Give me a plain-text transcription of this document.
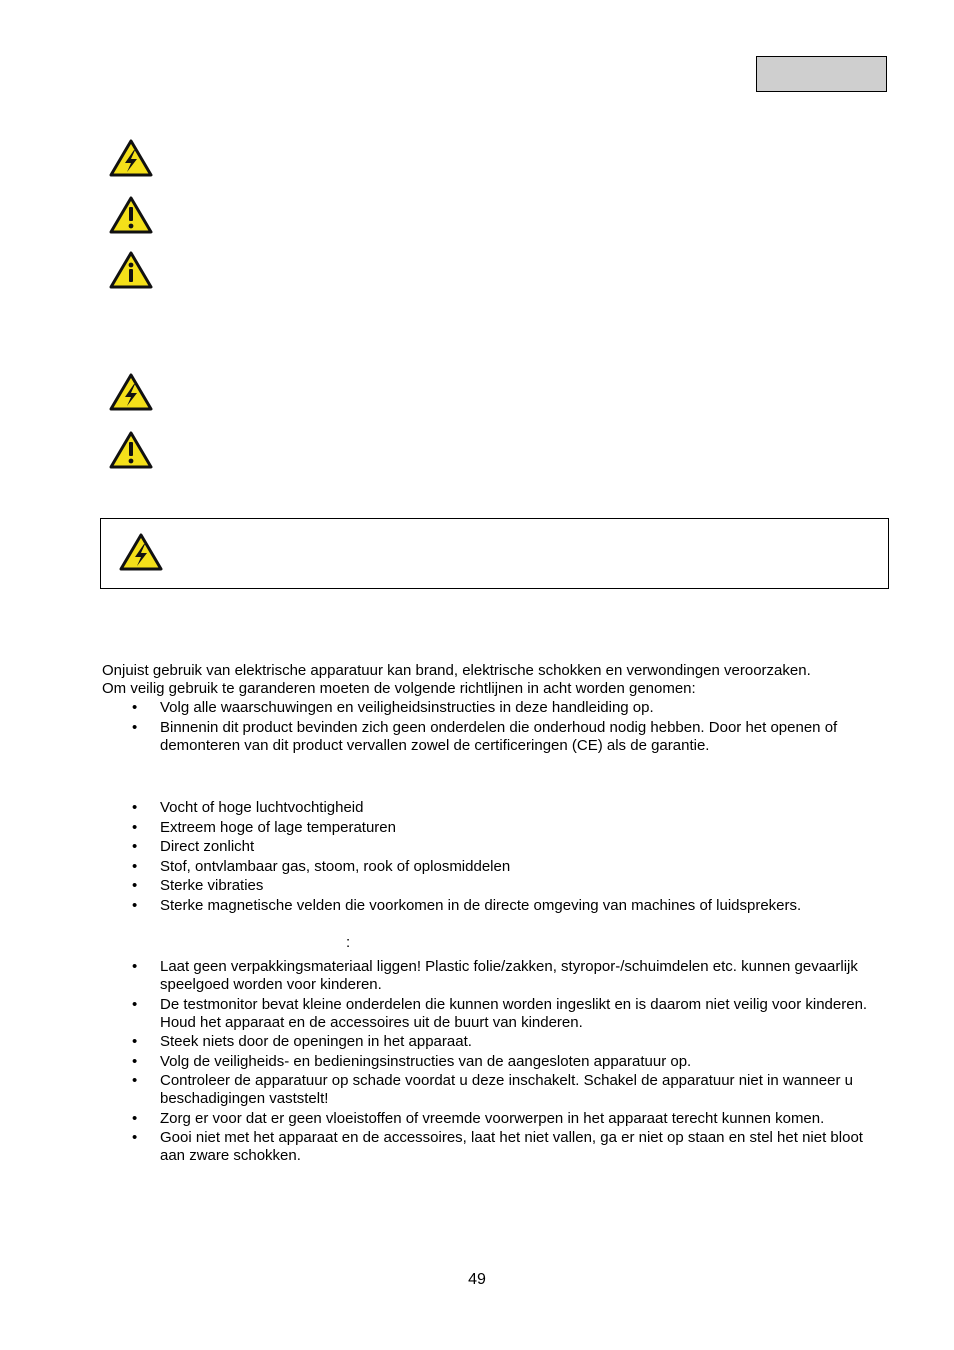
Onjuist gebruik van elektrische apparatuur kan brand, elektrische schokken en verwondingen veroorzaken.

Om veilig gebruik te garanderen moeten de volgende richtlijnen in acht worden genomen:

• Volg alle waarschuwingen en veiligheidsinstructies in deze handleiding op.
• Binnenin dit product bevinden zich geen onderdelen die onderhoud nodig hebben. Door het openen of demonteren van dit product vervallen zowel de certificeringen (CE) als de garantie.
• Vocht of hoge luchtvochtigheid
• Extreem hoge of lage temperaturen
• Direct zonlicht
• Stof, ontvlambaar gas, stoom, rook of oplosmiddelen
• Sterke vibraties
• Sterke magnetische velden die voorkomen in de directe omgeving van machines of luidsprekers.
:
• Laat geen verpakkingsmateriaal liggen! Plastic folie/zakken, styropor-/schuimdelen etc. kunnen gevaarlijk speelgoed worden voor kinderen.
• De testmonitor bevat kleine onderdelen die kunnen worden ingeslikt en is daarom niet veilig voor kinderen. Houd het apparaat en de accessoires uit de buurt van kinderen.
• Steek niets door de openingen in het apparaat.
• Volg de veiligheids- en bedieningsinstructies van de aangesloten apparatuur op.
• Controleer de apparatuur op schade voordat u deze inschakelt. Schakel de apparatuur niet in wanneer u beschadigingen vaststelt!
• Zorg er voor dat er geen vloeistoffen of vreemde voorwerpen in het apparaat terecht kunnen komen.
• Gooi niet met het apparaat en de accessoires, laat het niet vallen, ga er niet op staan en stel het niet bloot aan zware schokken.
49
